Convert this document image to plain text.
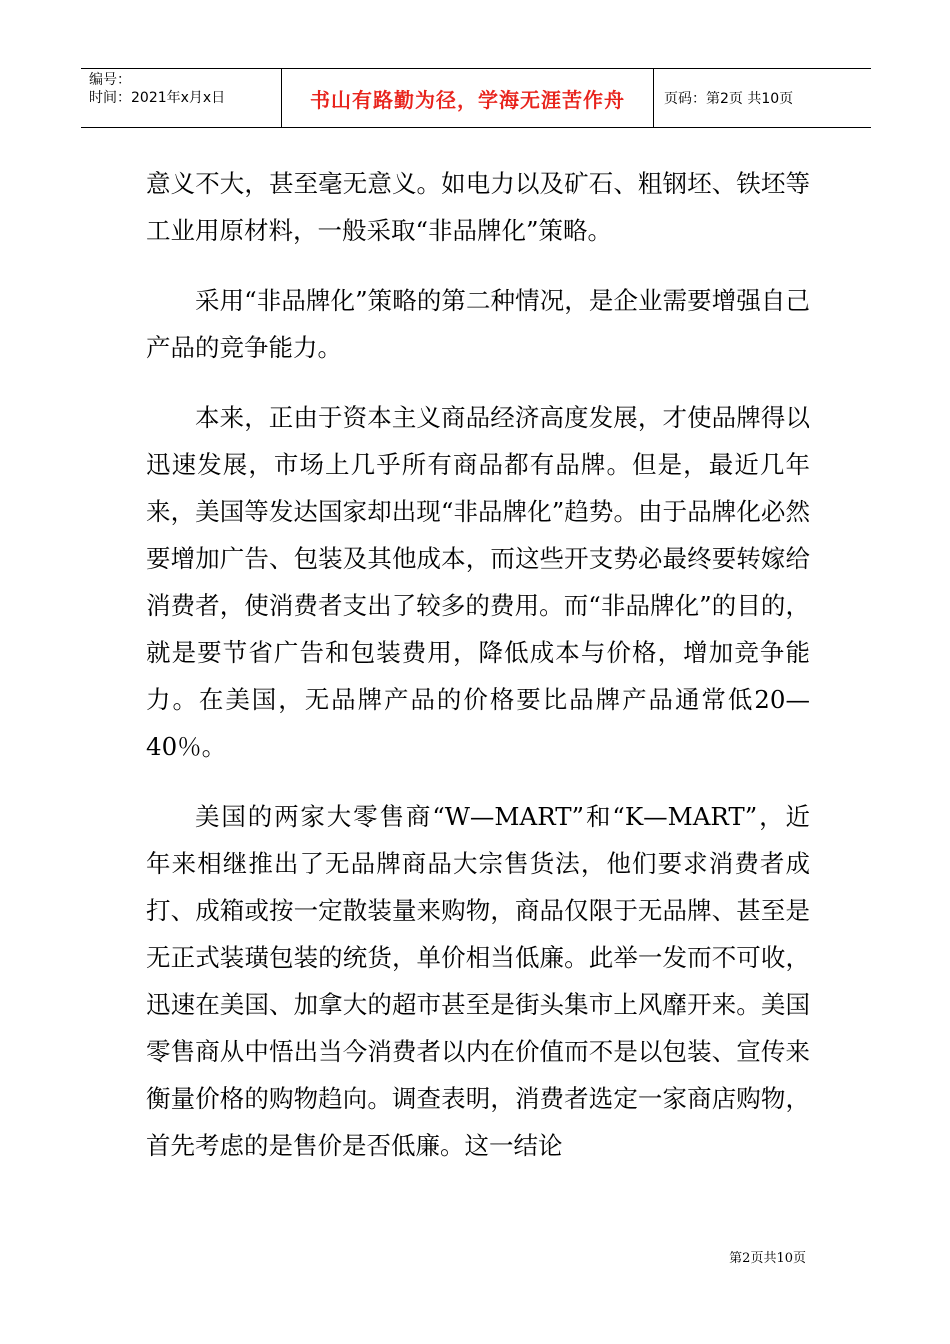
编号：
时间：2021年x月x日	书山有路勤为径，学海无涯苦作舟	页码：第2页 共10页

意义不大，甚至毫无意义。如电力以及矿石、粗钢坯、铁坯等工业用原材料，一般采取“非品牌化”策略。

采用“非品牌化”策略的第二种情况，是企业需要增强自己产品的竞争能力。

本来，正由于资本主义商品经济高度发展，才使品牌得以迅速发展，市场上几乎所有商品都有品牌。但是，最近几年来，美国等发达国家却出现“非品牌化”趋势。由于品牌化必然要增加广告、包装及其他成本，而这些开支势必最终要转嫁给消费者，使消费者支出了较多的费用。而“非品牌化”的目的，就是要节省广告和包装费用，降低成本与价格，增加竞争能力。在美国，无品牌产品的价格要比品牌产品通常低20—40％。

美国的两家大零售商“W—MART”和“K—MART”，近年来相继推出了无品牌商品大宗售货法，他们要求消费者成打、成箱或按一定散装量来购物，商品仅限于无品牌、甚至是无正式装璜包装的统货，单价相当低廉。此举一发而不可收，迅速在美国、加拿大的超市甚至是街头集市上风靡开来。美国零售商从中悟出当今消费者以内在价值而不是以包装、宣传来衡量价格的购物趋向。调查表明，消费者选定一家商店购物，首先考虑的是售价是否低廉。这一结论

第2页共10页
